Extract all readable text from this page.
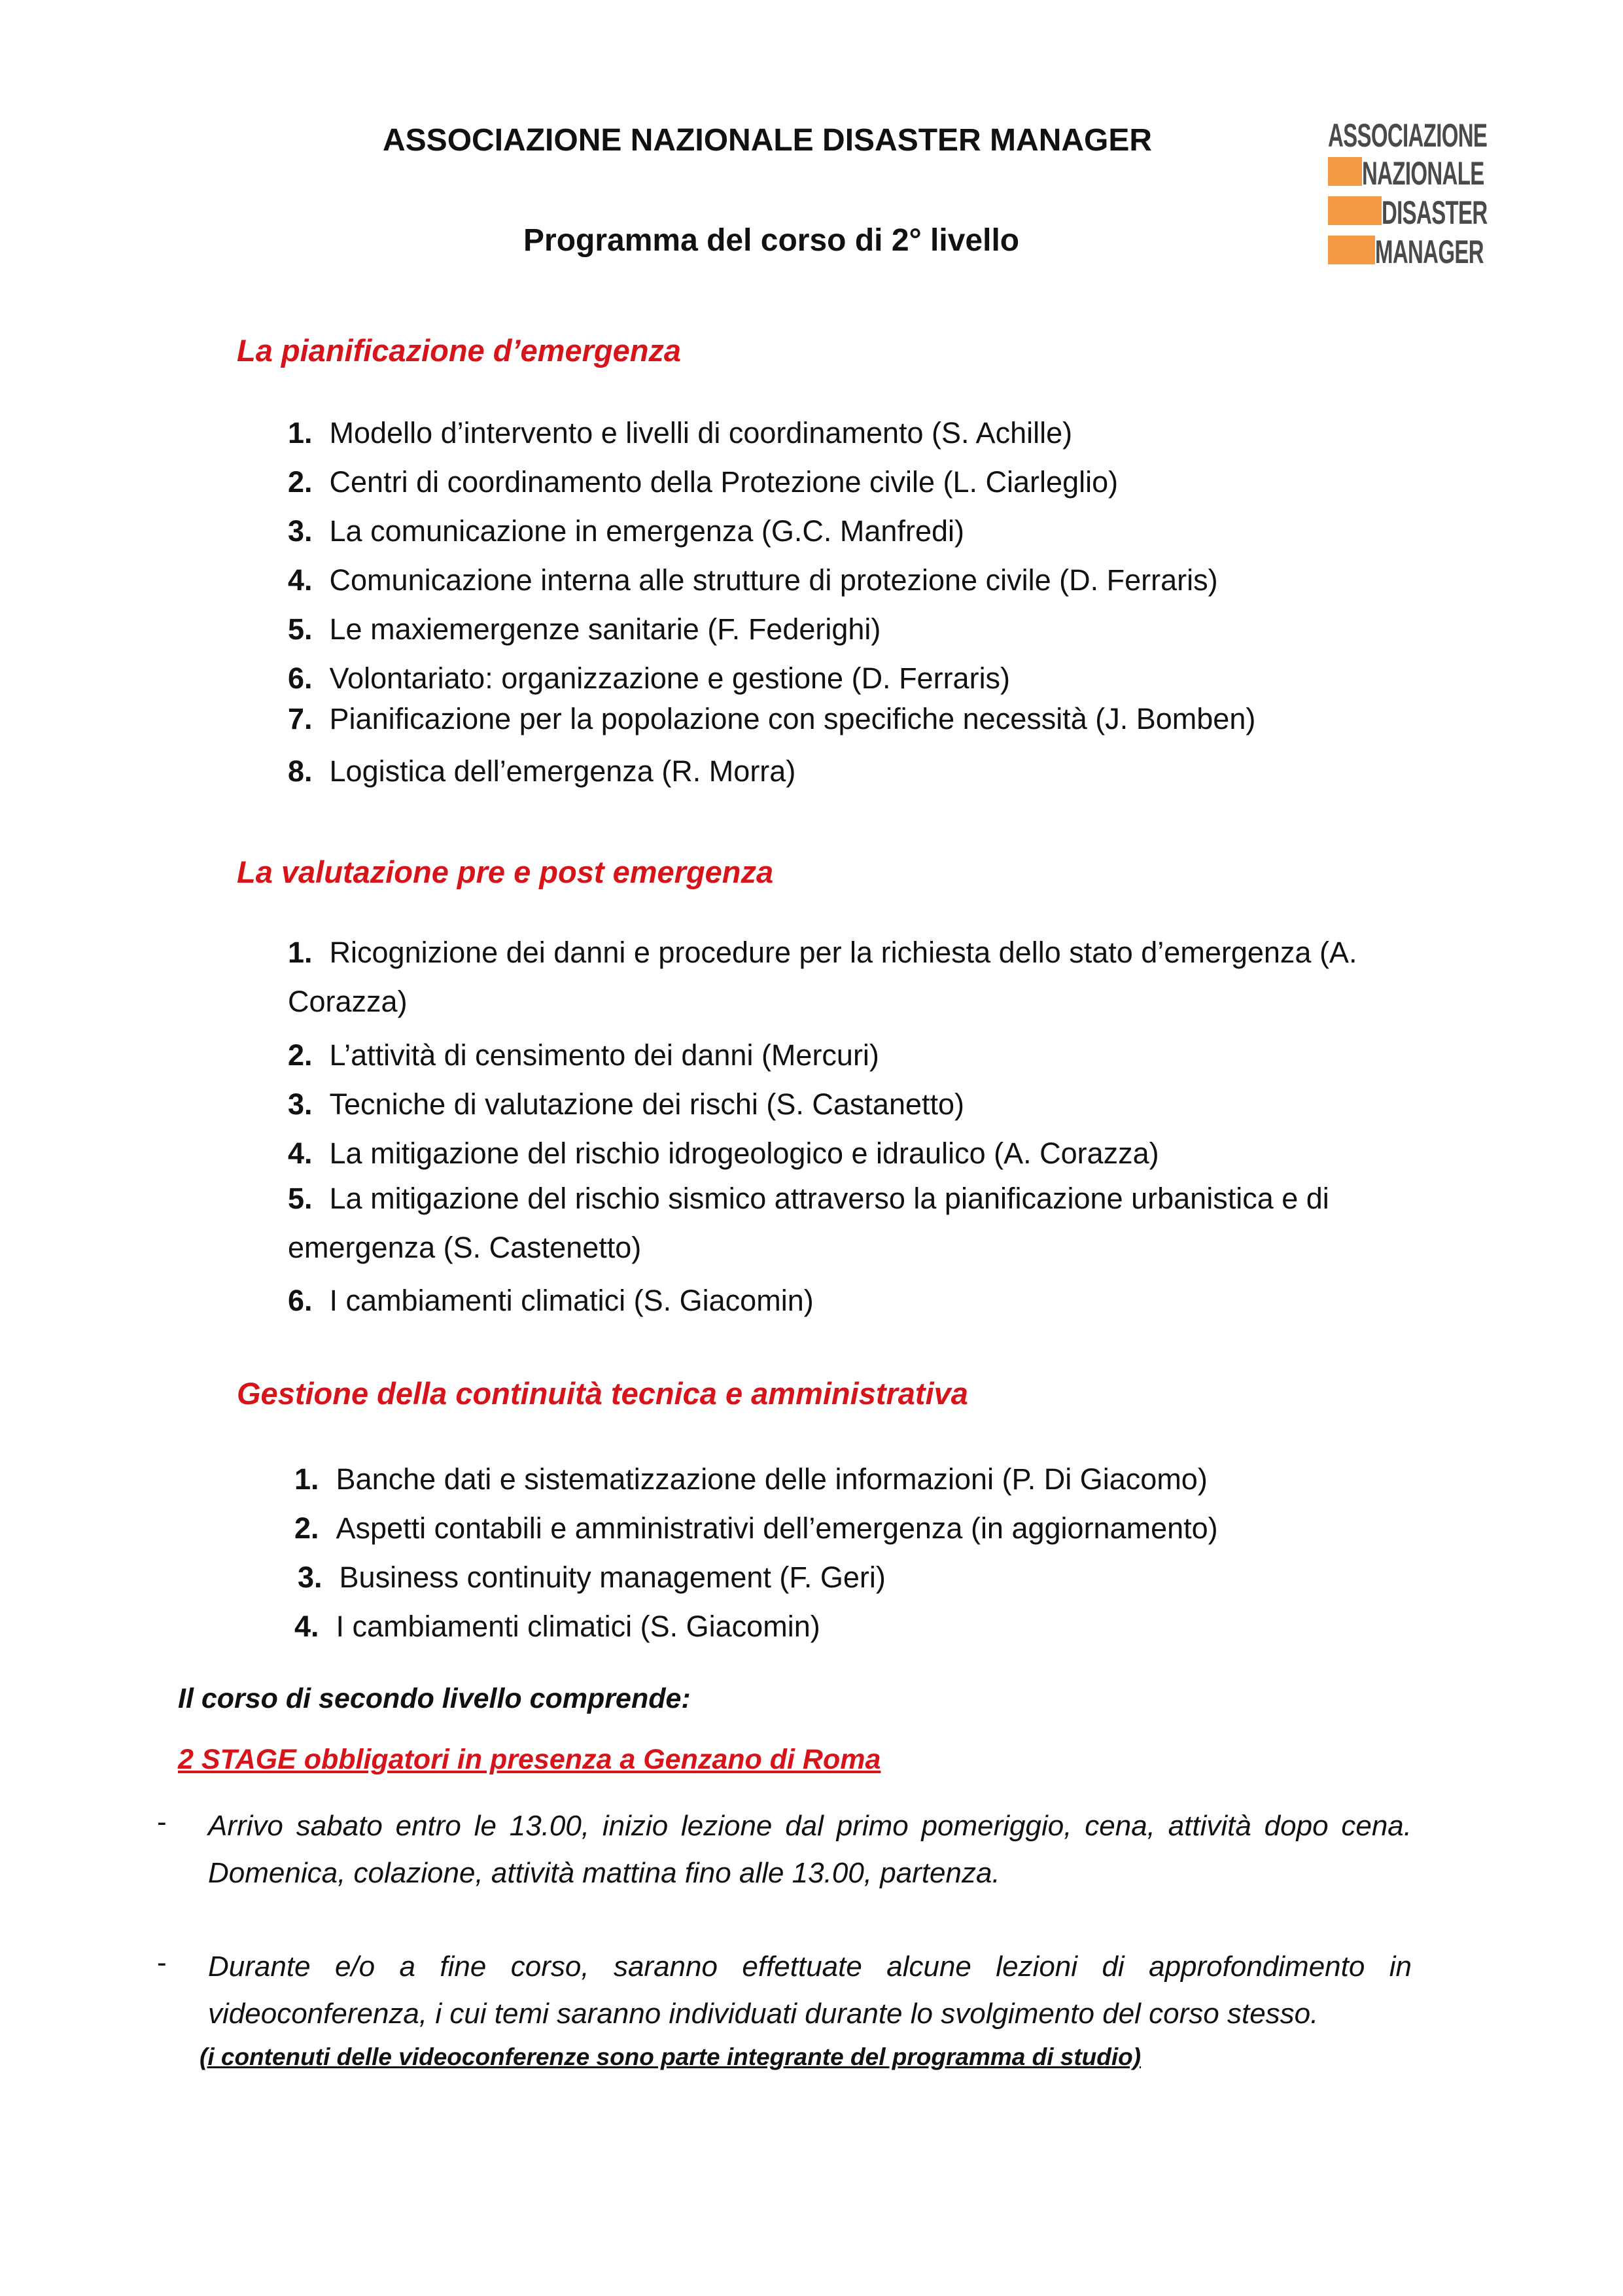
ASSOCIAZIONE NAZIONALE DISASTER MANAGER
Programma del corso di 2° livello
ASSOCIAZIONE
NAZIONALE
DISASTER
MANAGER
La pianificazione d’emergenza
1. Modello d’intervento e livelli di coordinamento (S. Achille)
2. Centri di coordinamento della Protezione civile (L. Ciarleglio)
3. La comunicazione in emergenza (G.C. Manfredi)
4. Comunicazione interna alle strutture di protezione civile (D. Ferraris)
5. Le maxiemergenze sanitarie (F. Federighi)
6. Volontariato: organizzazione e gestione (D. Ferraris)
7. Pianificazione per la popolazione con specifiche necessità (J. Bomben)
8. Logistica dell’emergenza (R. Morra)
La valutazione pre e post emergenza
1. Ricognizione dei danni e procedure per la richiesta dello stato d’emergenza (A. Corazza)
2. L’attività di censimento dei danni (Mercuri)
3. Tecniche di valutazione dei rischi (S. Castanetto)
4. La mitigazione del rischio idrogeologico e idraulico (A. Corazza)
5. La mitigazione del rischio sismico attraverso la pianificazione urbanistica e di emergenza (S. Castenetto)
6. I cambiamenti climatici (S. Giacomin)
Gestione della continuità tecnica e amministrativa
1. Banche dati e sistematizzazione delle informazioni (P. Di Giacomo)
2. Aspetti contabili e amministrativi dell’emergenza (in aggiornamento)
3. Business continuity management (F. Geri)
4. I cambiamenti climatici (S. Giacomin)
Il corso di secondo livello comprende:
2 STAGE obbligatori in presenza a Genzano di Roma
- Arrivo sabato entro le 13.00, inizio lezione dal primo pomeriggio, cena, attività dopo cena. Domenica, colazione, attività mattina fino alle 13.00, partenza.
- Durante e/o a fine corso, saranno effettuate alcune lezioni di approfondimento in videoconferenza, i cui temi saranno individuati durante lo svolgimento del corso stesso.
(i contenuti delle videoconferenze sono parte integrante del programma di studio)
